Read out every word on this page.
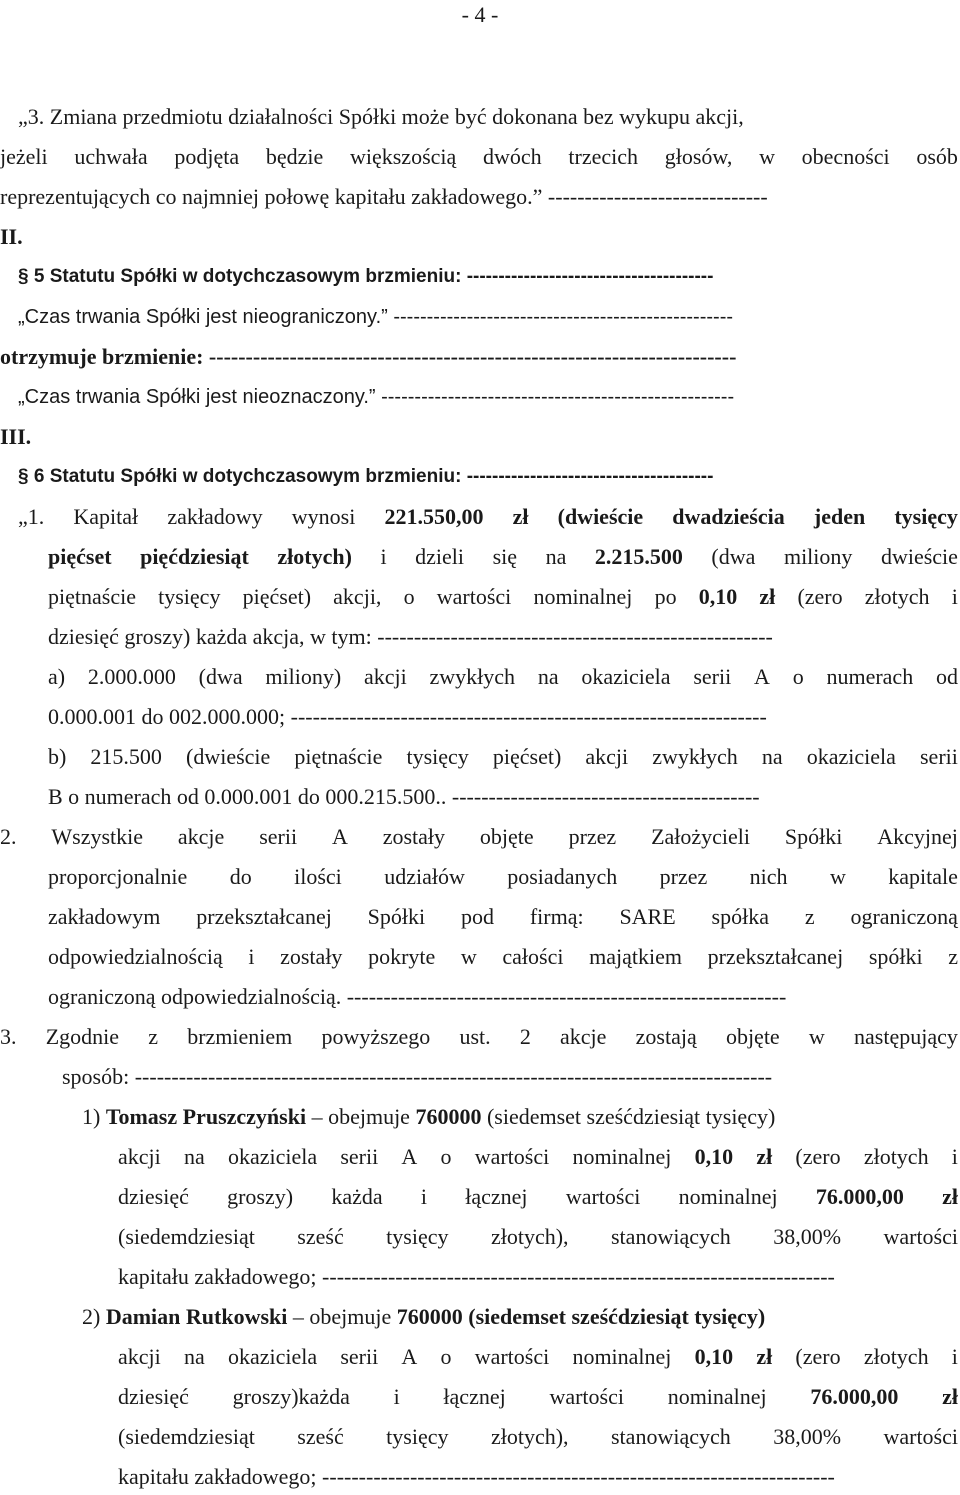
- 4 -
„3. Zmiana przedmiotu działalności Spółki może być dokonana bez wykupu akcji,
jeżeli uchwała podjęta będzie większością dwóch trzecich głosów, w obecności osób
reprezentujących co najmniej połowę kapitału zakładowego.” ------------------------------
II.
§ 5 Statutu Spółki w dotychczasowym brzmieniu: ---------------------------------------
„Czas trwania Spółki jest nieograniczony.” ---------------------------------------------------
otrzymuje brzmienie: ------------------------------------------------------------------------
„Czas trwania Spółki jest nieoznaczony.” -----------------------------------------------------
III.
§ 6 Statutu Spółki w dotychczasowym brzmieniu: ---------------------------------------
„1. Kapitał zakładowy wynosi 221.550,00 zł (dwieście dwadzieścia jeden tysięcy
pięćset pięćdziesiąt złotych) i dzieli się na 2.215.500 (dwa miliony dwieście
piętnaście tysięcy pięćset) akcji, o wartości nominalnej po 0,10 zł (zero złotych i
dziesięć groszy) każda akcja, w tym: ------------------------------------------------------
a) 2.000.000 (dwa miliony) akcji zwykłych na okaziciela serii A o numerach od
0.000.001 do 002.000.000; -----------------------------------------------------------------
b) 215.500 (dwieście piętnaście tysięcy pięćset) akcji zwykłych na okaziciela serii
B o numerach od 0.000.001 do 000.215.500.. ------------------------------------------
2. Wszystkie akcje serii A zostały objęte przez Założycieli Spółki Akcyjnej
proporcjonalnie do ilości udziałów posiadanych przez nich w kapitale
zakładowym przekształcanej Spółki pod firmą: SARE spółka z ograniczoną
odpowiedzialnością i zostały pokryte w całości majątkiem przekształcanej spółki z
ograniczoną odpowiedzialnością. ------------------------------------------------------------
3. Zgodnie z brzmieniem powyższego ust. 2 akcje zostają objęte w następujący
sposób: ---------------------------------------------------------------------------------------
1) Tomasz Pruszczyński – obejmuje 760000 (siedemset sześćdziesiąt tysięcy)
akcji na okaziciela serii A o wartości nominalnej 0,10 zł (zero złotych i
dziesięć groszy) każda i łącznej wartości nominalnej 76.000,00 zł
(siedemdziesiąt sześć tysięcy złotych), stanowiących 38,00% wartości
kapitału zakładowego; ----------------------------------------------------------------------
2) Damian Rutkowski – obejmuje 760000 (siedemset sześćdziesiąt tysięcy)
akcji na okaziciela serii A o wartości nominalnej 0,10 zł (zero złotych i
dziesięć groszy)każda i łącznej wartości nominalnej 76.000,00 zł
(siedemdziesiąt sześć tysięcy złotych), stanowiących 38,00% wartości
kapitału zakładowego; ----------------------------------------------------------------------
